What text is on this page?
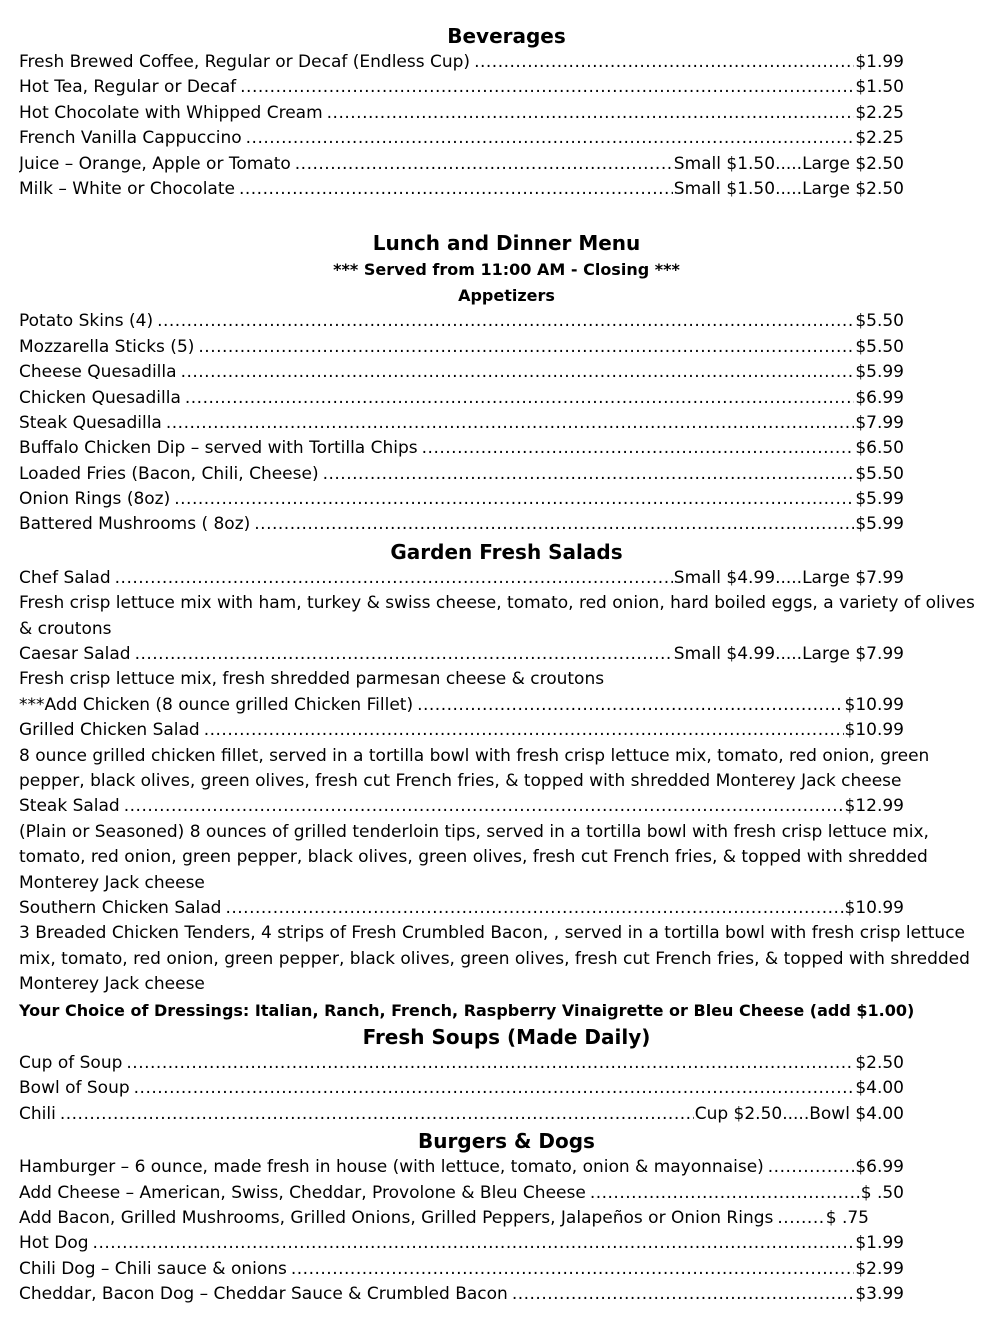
Beverages
Fresh Brewed Coffee, Regular or Decaf (Endless Cup) .....	$1.99
Hot Tea, Regular or Decaf .....	$1.50
Hot Chocolate with Whipped Cream .....	$2.25
French Vanilla Cappuccino .....	$2.25
Juice – Orange, Apple or Tomato .....	Small $1.50.....Large $2.50
Milk – White or Chocolate .....	Small $1.50.....Large $2.50
Lunch and Dinner Menu
*** Served from 11:00 AM - Closing ***
Appetizers
Potato Skins (4) .....	$5.50
Mozzarella Sticks (5) .....	$5.50
Cheese Quesadilla .....	$5.99
Chicken Quesadilla .....	$6.99
Steak Quesadilla .....	$7.99
Buffalo Chicken Dip – served with Tortilla Chips .....	$6.50
Loaded Fries (Bacon, Chili, Cheese) .....	$5.50
Onion Rings (8oz) .....	$5.99
Battered Mushrooms ( 8oz) .....	$5.99
Garden Fresh Salads
Chef Salad .....	Small $4.99.....Large $7.99
Fresh crisp lettuce mix with ham, turkey & swiss cheese, tomato, red onion, hard boiled eggs, a variety of olives & croutons
Caesar Salad .....	Small $4.99.....Large $7.99
Fresh crisp lettuce mix, fresh shredded parmesan cheese & croutons
***Add Chicken (8 ounce grilled Chicken Fillet) .....	$10.99
Grilled Chicken Salad .....	$10.99
8 ounce grilled chicken fillet, served in a tortilla bowl with fresh crisp lettuce mix, tomato, red onion, green pepper, black olives, green olives, fresh cut French fries, & topped with shredded Monterey Jack cheese
Steak Salad .....	$12.99
(Plain or Seasoned) 8 ounces of grilled tenderloin tips, served in a tortilla bowl with fresh crisp lettuce mix, tomato, red onion, green pepper, black olives, green olives, fresh cut French fries, & topped with shredded Monterey Jack cheese
Southern Chicken Salad .....	$10.99
3 Breaded Chicken Tenders, 4 strips of Fresh Crumbled Bacon, , served in a tortilla bowl with fresh crisp lettuce mix, tomato, red onion, green pepper, black olives, green olives, fresh cut French fries, & topped with shredded Monterey Jack cheese
Your Choice of Dressings: Italian, Ranch, French, Raspberry Vinaigrette or Bleu Cheese (add $1.00)
Fresh Soups (Made Daily)
Cup of Soup .....	$2.50
Bowl of Soup .....	$4.00
Chili .....	Cup $2.50.....Bowl $4.00
Burgers & Dogs
Hamburger – 6 ounce, made fresh in house (with lettuce, tomato, onion & mayonnaise) .....	$6.99
Add Cheese – American, Swiss, Cheddar, Provolone & Bleu Cheese .....	$ .50
Add Bacon, Grilled Mushrooms, Grilled Onions, Grilled Peppers, Jalapeños or Onion Rings .....	$ .75
Hot Dog .....	$1.99
Chili Dog – Chili sauce & onions .....	$2.99
Cheddar, Bacon Dog – Cheddar Sauce & Crumbled Bacon .....	$3.99
